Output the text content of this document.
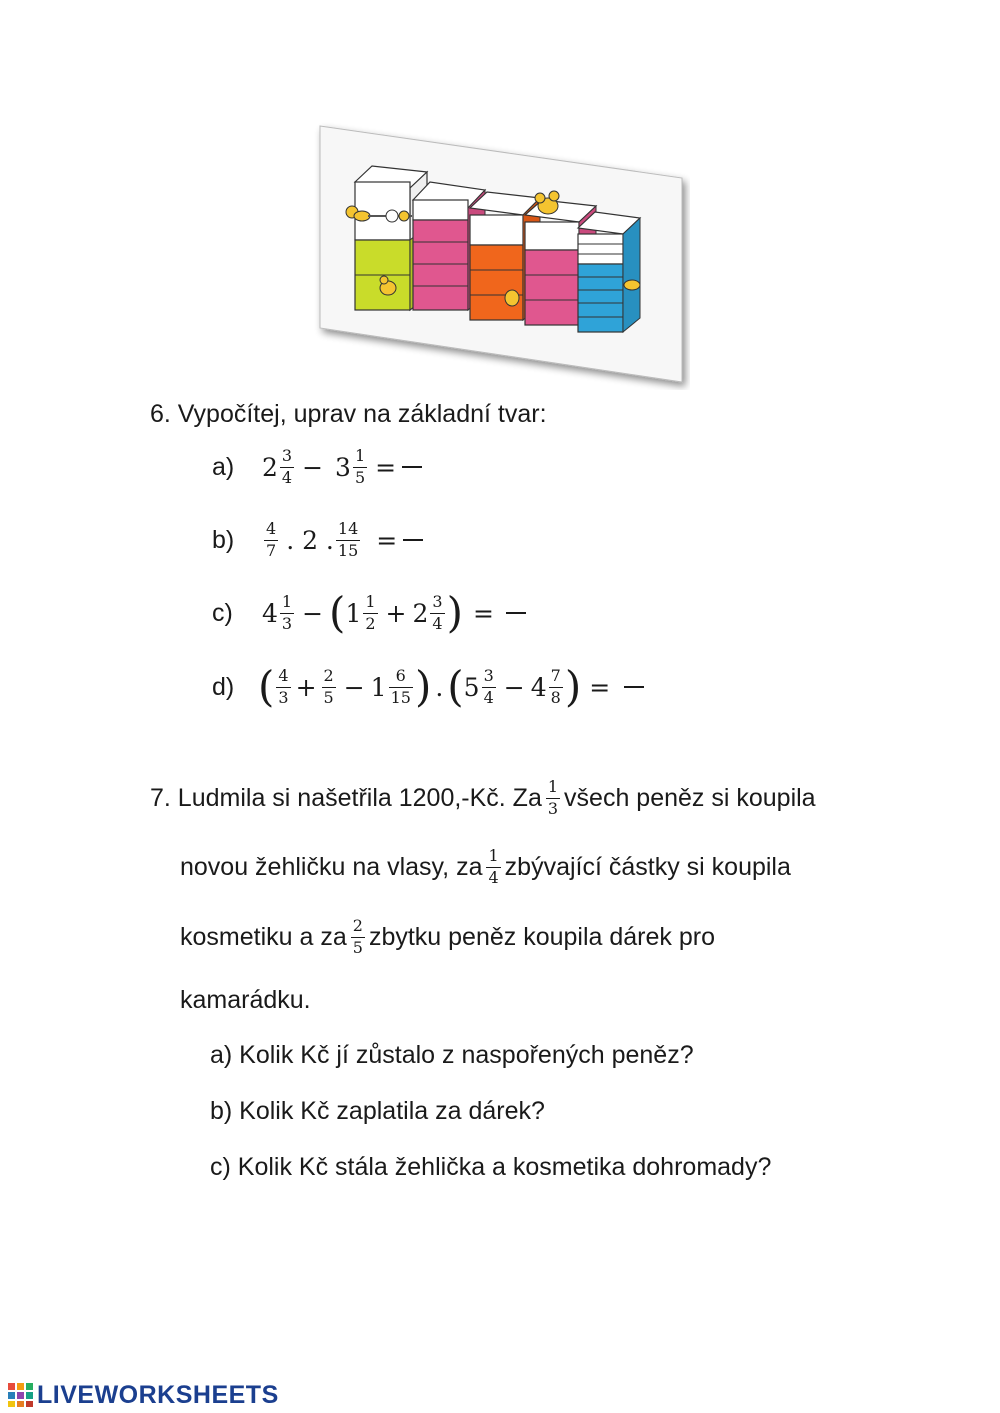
6. Vypočítej, uprav na základní tvar:
a)	$2 \frac{3}{4} - 3 \frac{1}{5}$ =
b)	$\frac{4}{7}$ . 2 . $\frac{14}{15}$ =
c)	$4 \frac{1}{3}$ − ( $1 \frac{1}{2} + 2 \frac{3}{4}$ ) =
d) ( $\frac{4}{3} + \frac{2}{5} - 1 \frac{6}{15}$ ) . ( $5 \frac{3}{4} - 4 \frac{7}{8}$ ) =
7. Ludmila si našetřila 1200,-Kč. Za $\frac{1}{3}$ všech peněz si koupila
novou žehličku na vlasy, za $\frac{1}{4}$ zbývající částky si koupila
kosmetiku a za $\frac{2}{5}$ zbytku peněz koupila dárek pro
kamarádku.
a) Kolik Kč jí zůstalo z naspořených peněz?
b) Kolik Kč zaplatila za dárek?
c) Kolik Kč stála žehlička a kosmetika dohromady?
LIVEWORKSHEETS
